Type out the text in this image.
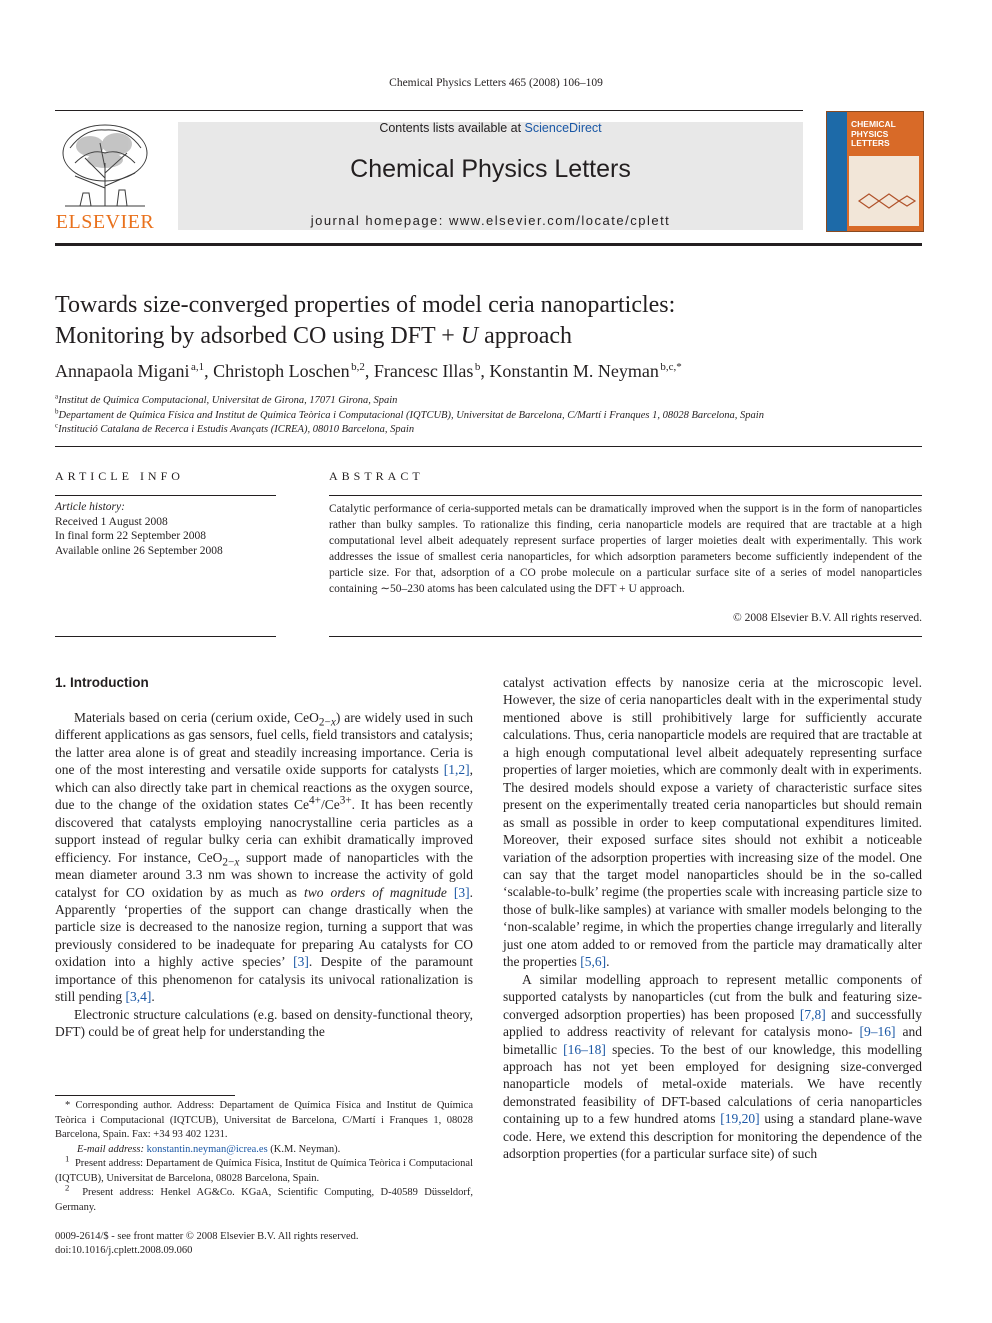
Chemical Physics Letters 465 (2008) 106–109
ELSEVIER
Contents lists available at ScienceDirect
Chemical Physics Letters
journal homepage: www.elsevier.com/locate/cplett
CHEMICAL PHYSICS LETTERS
Towards size-converged properties of model ceria nanoparticles:
Monitoring by adsorbed CO using DFT + U approach
Annapaola Migani  $^{a,1}$, Christoph Loschen  $^{b,2}$, Francesc Illas  $^b$, Konstantin M. Neyman  $^{b,c,*}$
$^a$Institut de Química Computacional, Universitat de Girona, 17071 Girona, Spain
$^b$Departament de Química Física and Institut de Química Teòrica i Computacional (IQTCUB), Universitat de Barcelona, C/Martí i Franques 1, 08028 Barcelona, Spain
$^c$Institució Catalana de Recerca i Estudis Avançats (ICREA), 08010 Barcelona, Spain
ARTICLE INFO
Article history:
Received 1 August 2008
In final form 22 September 2008
Available online 26 September 2008
ABSTRACT
Catalytic performance of ceria-supported metals can be dramatically improved when the support is in the form of nanoparticles rather than bulky samples. To rationalize this finding, ceria nanoparticle models are required that are tractable at a high computational level albeit adequately represent surface properties of larger moieties dealt with experimentally. This work addresses the issue of smallest ceria nanoparticles, for which adsorption parameters become sufficiently independent of the particle size. For that, adsorption of a CO probe molecule on a particular surface site of a series of model nanoparticles containing ∼50–230 atoms has been calculated using the DFT + U approach.
© 2008 Elsevier B.V. All rights reserved.
1. Introduction

Materials based on ceria (cerium oxide, CeO$_{2-x}$) are widely used in such different applications as gas sensors, fuel cells, field transistors and catalysis; the latter area alone is of great and steadily increasing importance. Ceria is one of the most interesting and versatile oxide supports for catalysts [1,2], which can also directly take part in chemical reactions as the oxygen source, due to the change of the oxidation states $Ce^{4+}/Ce^{3+}$. It has been recently discovered that catalysts employing nanocrystalline ceria particles as a support instead of regular bulky ceria can exhibit dramatically improved efficiency. For instance, CeO$_{2-x}$ support made of nanoparticles with the mean diameter around 3.3 nm was shown to increase the activity of gold catalyst for CO oxidation by as much as two orders of magnitude [3]. Apparently ‘properties of the support can change drastically when the particle size is decreased to the nanosize region, turning a support that was previously considered to be inadequate for preparing Au catalysts for CO oxidation into a highly active species’ [3]. Despite of the paramount importance of this phenomenon for catalysis its univocal rationalization is still pending [3,4].

Electronic structure calculations (e.g. based on density-functional theory, DFT) could be of great help for understanding the

catalyst activation effects by nanosize ceria at the microscopic level. However, the size of ceria nanoparticles dealt with in the experimental study mentioned above is still prohibitively large for sufficiently accurate calculations. Thus, ceria nanoparticle models are required that are tractable at a high enough computational level albeit adequately representing surface properties of larger moieties, which are commonly dealt with in experiments. The desired models should expose a variety of characteristic surface sites present on the experimentally treated ceria nanoparticles but should remain as small as possible in order to keep computational expenditures limited. Moreover, their exposed surface sites should not exhibit a noticeable variation of the adsorption properties with increasing size of the model. One can say that the target model nanoparticles should be in the so-called ‘scalable-to-bulk’ regime (the properties scale with increasing particle size to those of bulk-like samples) at variance with smaller models belonging to the ‘non-scalable’ regime, in which the properties change irregularly and literally just one atom added to or removed from the particle may dramatically alter the properties [5,6].

A similar modelling approach to represent metallic components of supported catalysts by nanoparticles (cut from the bulk and featuring size-converged adsorption properties) has been proposed [7,8] and successfully applied to address reactivity of relevant for catalysis mono- [9–16] and bimetallic [16–18] species. To the best of our knowledge, this modelling approach has not yet been employed for designing size-converged nanoparticle models of metal-oxide materials. We have recently demonstrated feasibility of DFT-based calculations of ceria nanoparticles containing up to a few hundred atoms [19,20] using a standard plane-wave code. Here, we extend this description for monitoring the dependence of the adsorption properties (for a particular surface site) of such

* Corresponding author. Address: Departament de Química Física and Institut de Química Teòrica i Computacional (IQTCUB), Universitat de Barcelona, C/Martí i Franques 1, 08028 Barcelona, Spain. Fax: +34 93 402 1231.

E-mail address: konstantin.neyman@icrea.es (K.M. Neyman).

$^1$ Present address: Departament de Química Física, Institut de Química Teòrica i Computacional (IQTCUB), Universitat de Barcelona, 08028 Barcelona, Spain.

$^2$ Present address: Henkel AG&Co. KGaA, Scientific Computing, D-40589 Düsseldorf, Germany.

0009-2614/$ - see front matter © 2008 Elsevier B.V. All rights reserved.
doi:10.1016/j.cplett.2008.09.060
